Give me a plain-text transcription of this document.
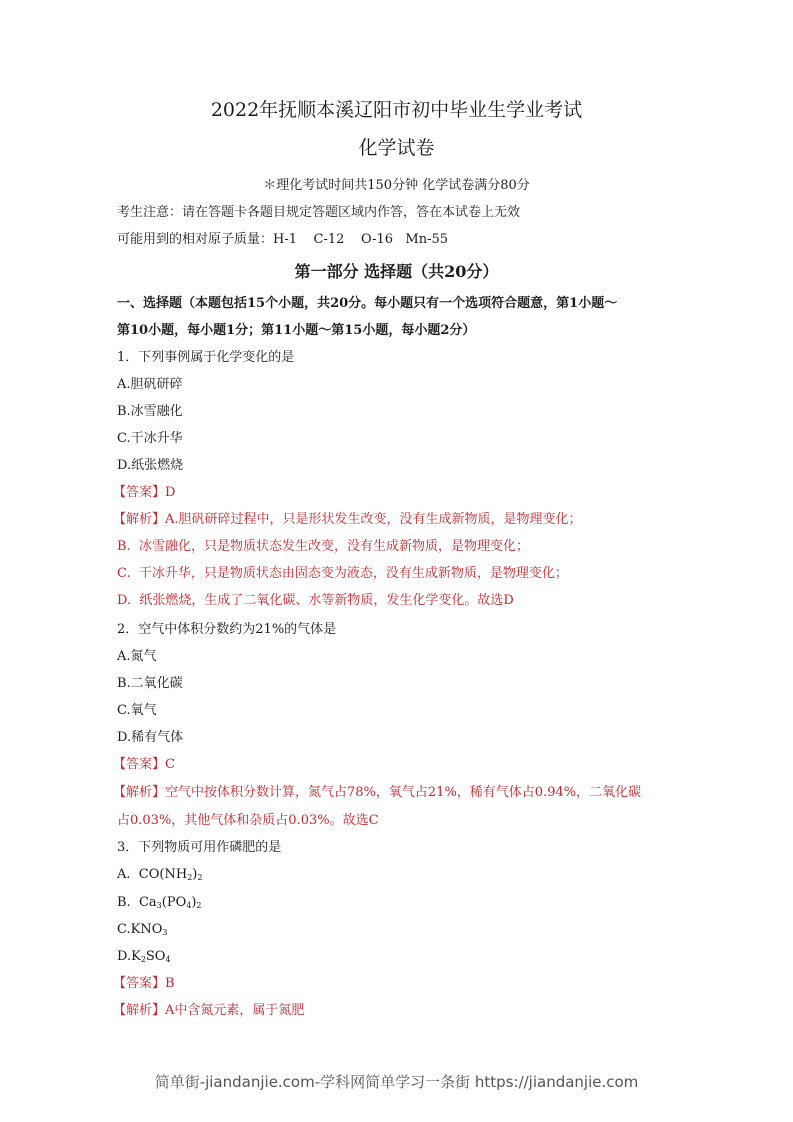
2022年抚顺本溪辽阳市初中毕业生学业考试
化学试卷
＊理化考试时间共150分钟 化学试卷满分80分
考生注意：请在答题卡各题目规定答题区域内作答，答在本试卷上无效
可能用到的相对原子质量：H-1    C-12    O-16   Mn-55
第一部分 选择题（共20分）
一、选择题（本题包括15个小题，共20分。每小题只有一个选项符合题意，第1小题～
第10小题，每小题1分；第11小题～第15小题，每小题2分）
1．下列事例属于化学变化的是
A.胆矾研碎
B.冰雪融化
C.干冰升华
D.纸张燃烧
【答案】D
【解析】A.胆矾研碎过程中，只是形状发生改变，没有生成新物质，是物理变化；
B.  冰雪融化，只是物质状态发生改变，没有生成新物质，是物理变化；
C.  干冰升华，只是物质状态由固态变为液态，没有生成新物质，是物理变化；
D.  纸张燃烧，生成了二氧化碳、水等新物质，发生化学变化。故选D
2．空气中体积分数约为21%的气体是
A.氮气
B.二氧化碳
C.氧气
D.稀有气体
【答案】C
【解析】空气中按体积分数计算，氮气占78%，氧气占21%，稀有气体占0.94%，二氧化碳
占0.03%，其他气体和杂质占0.03%。故选C
3．下列物质可用作磷肥的是
A.  $CO(NH_2)_2$
B.  $Ca_3(PO_4)_2$
$C.KNO_3$
$D.K_2SO_4$
【答案】B
【解析】A中含氮元素，属于氮肥
简单街-jiandanjie.com-学科网简单学习一条街 https://jiandanjie.com
